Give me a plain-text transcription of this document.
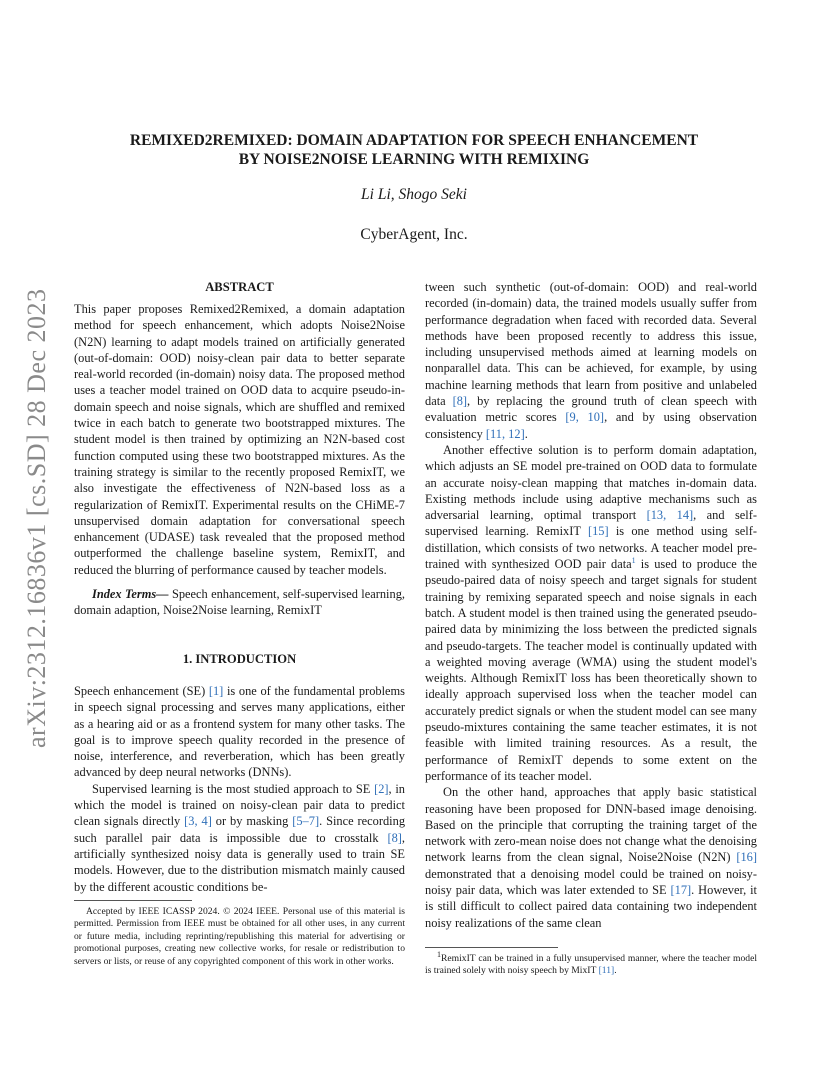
arXiv:2312.16836v1 [cs.SD] 28 Dec 2023
REMIXED2REMIXED: DOMAIN ADAPTATION FOR SPEECH ENHANCEMENT
BY NOISE2NOISE LEARNING WITH REMIXING
Li Li, Shogo Seki
CyberAgent, Inc.
ABSTRACT

This paper proposes Remixed2Remixed, a domain adaptation method for speech enhancement, which adopts Noise2Noise (N2N) learning to adapt models trained on artificially generated (out-of-domain: OOD) noisy-clean pair data to better separate real-world recorded (in-domain) noisy data. The proposed method uses a teacher model trained on OOD data to acquire pseudo-in-domain speech and noise signals, which are shuffled and remixed twice in each batch to generate two bootstrapped mixtures. The student model is then trained by optimizing an N2N-based cost function computed using these two bootstrapped mixtures. As the training strategy is similar to the recently proposed RemixIT, we also investigate the effectiveness of N2N-based loss as a regularization of RemixIT. Experimental results on the CHiME-7 unsupervised domain adaptation for conversational speech enhancement (UDASE) task revealed that the proposed method outperformed the challenge baseline system, RemixIT, and reduced the blurring of performance caused by teacher models.

Index Terms— Speech enhancement, self-supervised learning, domain adaption, Noise2Noise learning, RemixIT

1. INTRODUCTION

Speech enhancement (SE) [1] is one of the fundamental problems in speech signal processing and serves many applications, either as a hearing aid or as a frontend system for many other tasks. The goal is to improve speech quality recorded in the presence of noise, interference, and reverberation, which has been greatly advanced by deep neural networks (DNNs).

Supervised learning is the most studied approach to SE [2], in which the model is trained on noisy-clean pair data to predict clean signals directly [3, 4] or by masking [5–7]. Since recording such parallel pair data is impossible due to crosstalk [8], artificially synthesized noisy data is generally used to train SE models. However, due to the distribution mismatch mainly caused by the different acoustic conditions be-

Accepted by IEEE ICASSP 2024. © 2024 IEEE. Personal use of this material is permitted. Permission from IEEE must be obtained for all other uses, in any current or future media, including reprinting/republishing this material for advertising or promotional purposes, creating new collective works, for resale or redistribution to servers or lists, or reuse of any copyrighted component of this work in other works.

tween such synthetic (out-of-domain: OOD) and real-world recorded (in-domain) data, the trained models usually suffer from performance degradation when faced with recorded data. Several methods have been proposed recently to address this issue, including unsupervised methods aimed at learning models on nonparallel data. This can be achieved, for example, by using machine learning methods that learn from positive and unlabeled data [8], by replacing the ground truth of clean speech with evaluation metric scores [9, 10], and by using observation consistency [11, 12].

Another effective solution is to perform domain adaptation, which adjusts an SE model pre-trained on OOD data to formulate an accurate noisy-clean mapping that matches in-domain data. Existing methods include using adaptive mechanisms such as adversarial learning, optimal transport [13, 14], and self-supervised learning. RemixIT [15] is one method using self-distillation, which consists of two networks. A teacher model pre-trained with synthesized OOD pair data$^1$ is used to produce the pseudo-paired data of noisy speech and target signals for student training by remixing separated speech and noise signals in each batch. A student model is then trained using the generated pseudo-paired data by minimizing the loss between the predicted signals and pseudo-targets. The teacher model is continually updated with a weighted moving average (WMA) using the student model's weights. Although RemixIT loss has been theoretically shown to ideally approach supervised loss when the teacher model can accurately predict signals or when the student model can see many pseudo-mixtures containing the same teacher estimates, it is not feasible with limited training resources. As a result, the performance of RemixIT depends to some extent on the performance of its teacher model.

On the other hand, approaches that apply basic statistical reasoning have been proposed for DNN-based image denoising. Based on the principle that corrupting the training target of the network with zero-mean noise does not change what the denoising network learns from the clean signal, Noise2Noise (N2N) [16] demonstrated that a denoising model could be trained on noisy-noisy pair data, which was later extended to SE [17]. However, it is still difficult to collect paired data containing two independent noisy realizations of the same clean

$^1$RemixIT can be trained in a fully unsupervised manner, where the teacher model is trained solely with noisy speech by MixIT [11].
